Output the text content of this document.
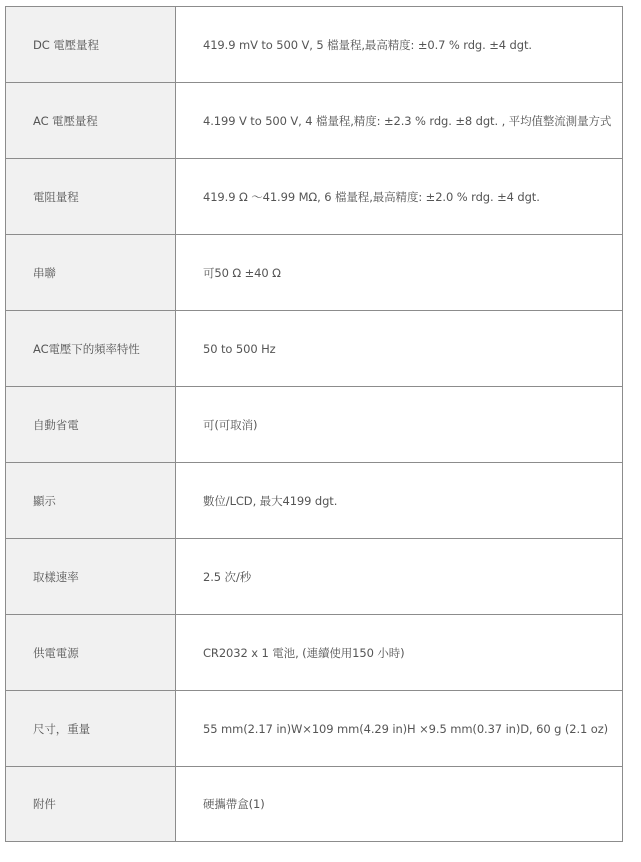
DC 電壓量程	419.9 mV to 500 V, 5 檔量程,最高精度: ±0.7 % rdg. ±4 dgt.
AC 電壓量程	4.199 V to 500 V, 4 檔量程,精度: ±2.3 % rdg. ±8 dgt. , 平均值整流測量方式
電阻量程	419.9 Ω ～41.99 MΩ, 6 檔量程,最高精度: ±2.0 % rdg. ±4 dgt.
串聯	可50 Ω ±40 Ω
AC電壓下的頻率特性	50 to 500 Hz
自動省電	可(可取消)
顯示	數位/LCD, 最大4199 dgt.
取樣速率	2.5 次/秒
供電電源	CR2032 x 1 電池, (連續使用150 小時)
尺寸，重量	55 mm(2.17 in)W×109 mm(4.29 in)H ×9.5 mm(0.37 in)D, 60 g (2.1 oz)
附件	硬攜帶盒(1)
